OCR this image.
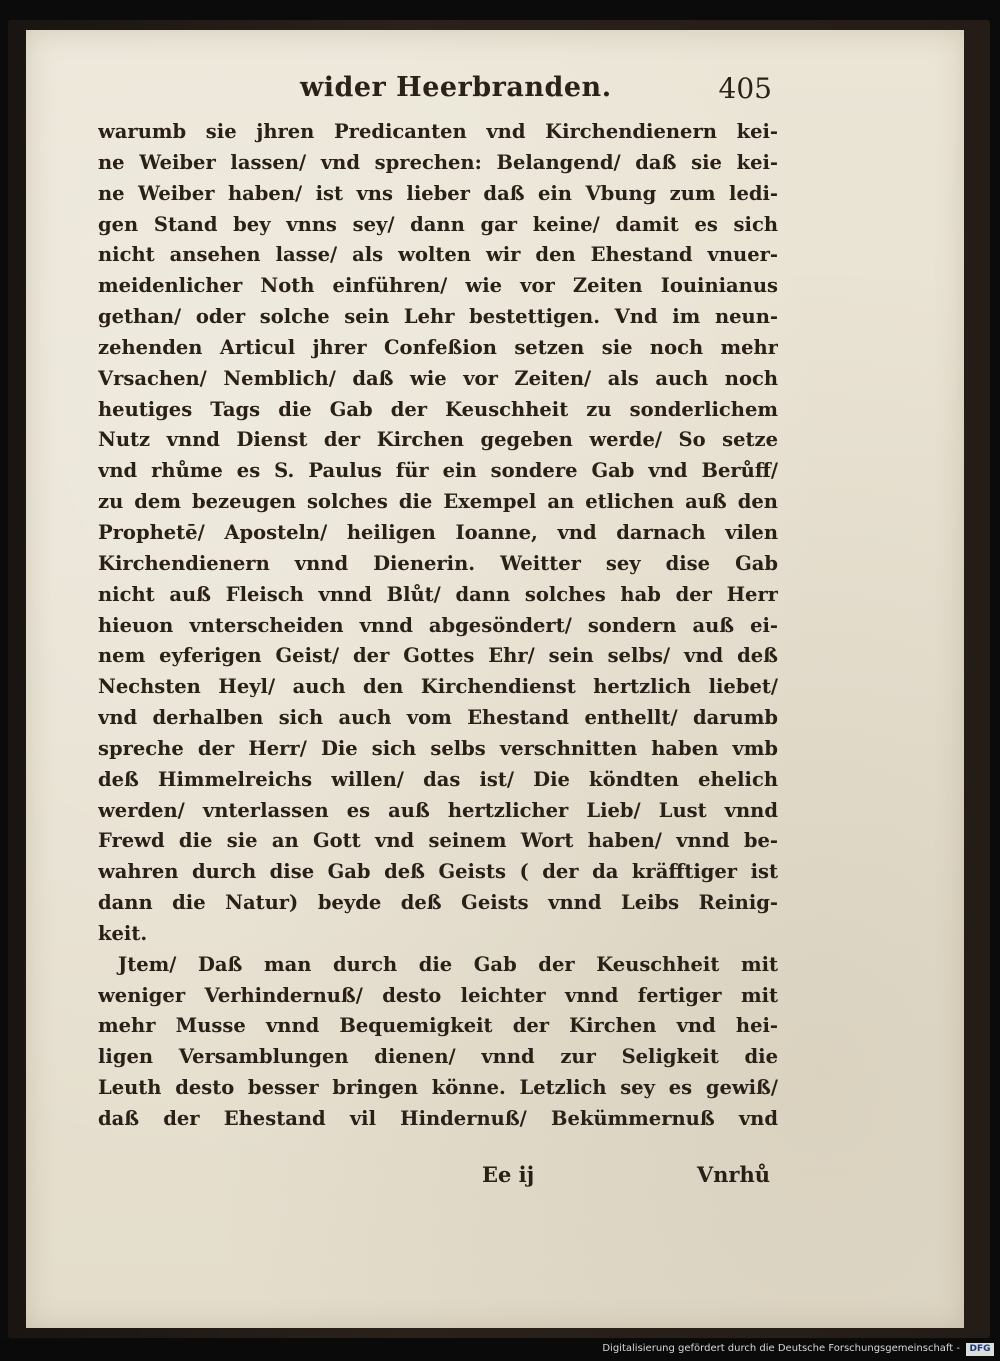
wider Heerbranden.	405
warumb sie jhren Predicanten vnd Kirchendienern kei-
ne Weiber lassen/ vnd sprechen: Belangend/ daß sie kei-
ne Weiber haben/ ist vns lieber daß ein Vbung zum ledi-
gen Stand bey vnns sey/ dann gar keine/ damit es sich
nicht ansehen lasse/ als wolten wir den Ehestand vnuer-
meidenlicher Noth einführen/ wie vor Zeiten Iouinianus
gethan/ oder solche sein Lehr bestettigen. Vnd im neun-
zehenden Articul jhrer Confeßion setzen sie noch mehr
Vrsachen/ Nemblich/ daß wie vor Zeiten/ als auch noch
heutiges Tags die Gab der Keuschheit zu sonderlichem
Nutz vnnd Dienst der Kirchen gegeben werde/ So setze
vnd rhůme es S. Paulus für ein sondere Gab vnd Berůff/
zu dem bezeugen solches die Exempel an etlichen auß den
Prophetē/ Aposteln/ heiligen Ioanne, vnd darnach vilen
Kirchendienern vnnd Dienerin. Weitter sey dise Gab
nicht auß Fleisch vnnd Blůt/ dann solches hab der Herr
hieuon vnterscheiden vnnd abgesöndert/ sondern auß ei-
nem eyferigen Geist/ der Gottes Ehr/ sein selbs/ vnd deß
Nechsten Heyl/ auch den Kirchendienst hertzlich liebet/
vnd derhalben sich auch vom Ehestand enthellt/ darumb
spreche der Herr/ Die sich selbs verschnitten haben vmb
deß Himmelreichs willen/ das ist/ Die köndten ehelich
werden/ vnterlassen es auß hertzlicher Lieb/ Lust vnnd
Frewd die sie an Gott vnd seinem Wort haben/ vnnd be-
wahren durch dise Gab deß Geists ( der da kräfftiger ist
dann die Natur) beyde deß Geists vnnd Leibs Reinig-
keit.
Jtem/ Daß man durch die Gab der Keuschheit mit
weniger Verhindernuß/ desto leichter vnnd fertiger mit
mehr Musse vnnd Bequemigkeit der Kirchen vnd hei-
ligen Versamblungen dienen/ vnnd zur Seligkeit die
Leuth desto besser bringen könne. Letzlich sey es gewiß/
daß der Ehestand vil Hindernuß/ Bekümmernuß vnd
Ee ij	Vnrhů
Digitalisierung gefördert durch die Deutsche Forschungsgemeinschaft -	DFG
